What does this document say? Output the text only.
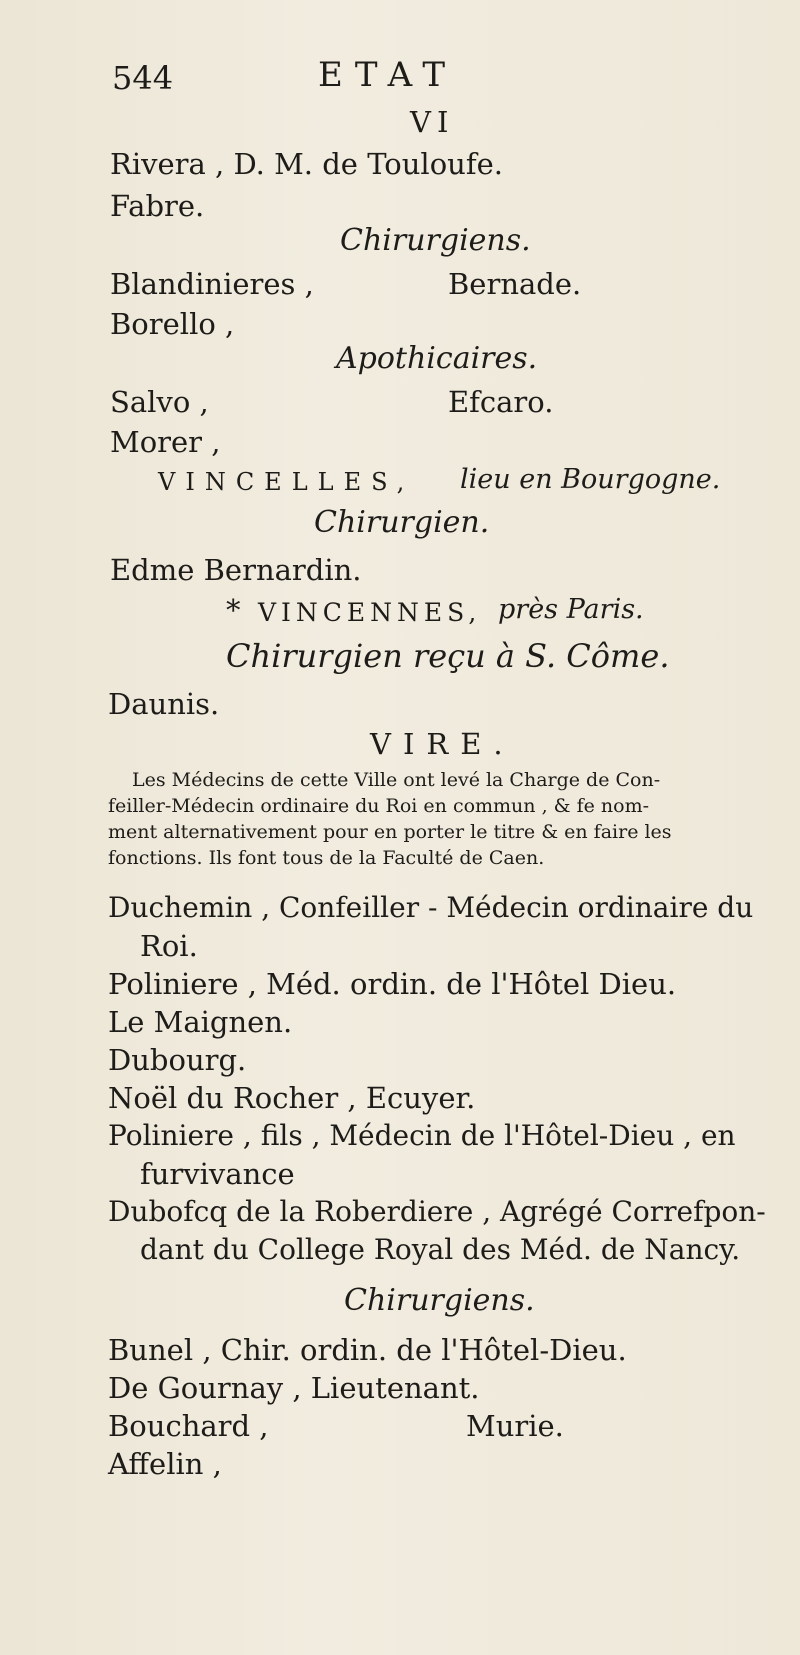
544	ETAT
VI
Rivera , D. M. de Touloufe.
Fabre.
Chirurgiens.
Blandinieres ,	Bernade.
Borello ,
Apothicaires.
Salvo ,	Efcaro.
Morer ,
VINCELLES, lieu en Bourgogne.
Chirurgien.
Edme Bernardin.
* VINCENNES, près Paris.
Chirurgien reçu à S. Côme.
Daunis.
VIRE.
Les Médecins de cette Ville ont levé la Charge de Con-
feiller-Médecin ordinaire du Roi en commun , & fe nom-
ment alternativement pour en porter le titre & en faire les
fonctions. Ils font tous de la Faculté de Caen.
Duchemin , Confeiller - Médecin ordinaire du
Roi.
Poliniere , Méd. ordin. de l'Hôtel Dieu.
Le Maignen.
Dubourg.
Noël du Rocher , Ecuyer.
Poliniere , fils , Médecin de l'Hôtel-Dieu , en
furvivance
Dubofcq de la Roberdiere , Agrégé Correfpon-
dant du College Royal des Méd. de Nancy.
Chirurgiens.
Bunel , Chir. ordin. de l'Hôtel-Dieu.
De Gournay , Lieutenant.
Bouchard ,	Murie.
Affelin ,
